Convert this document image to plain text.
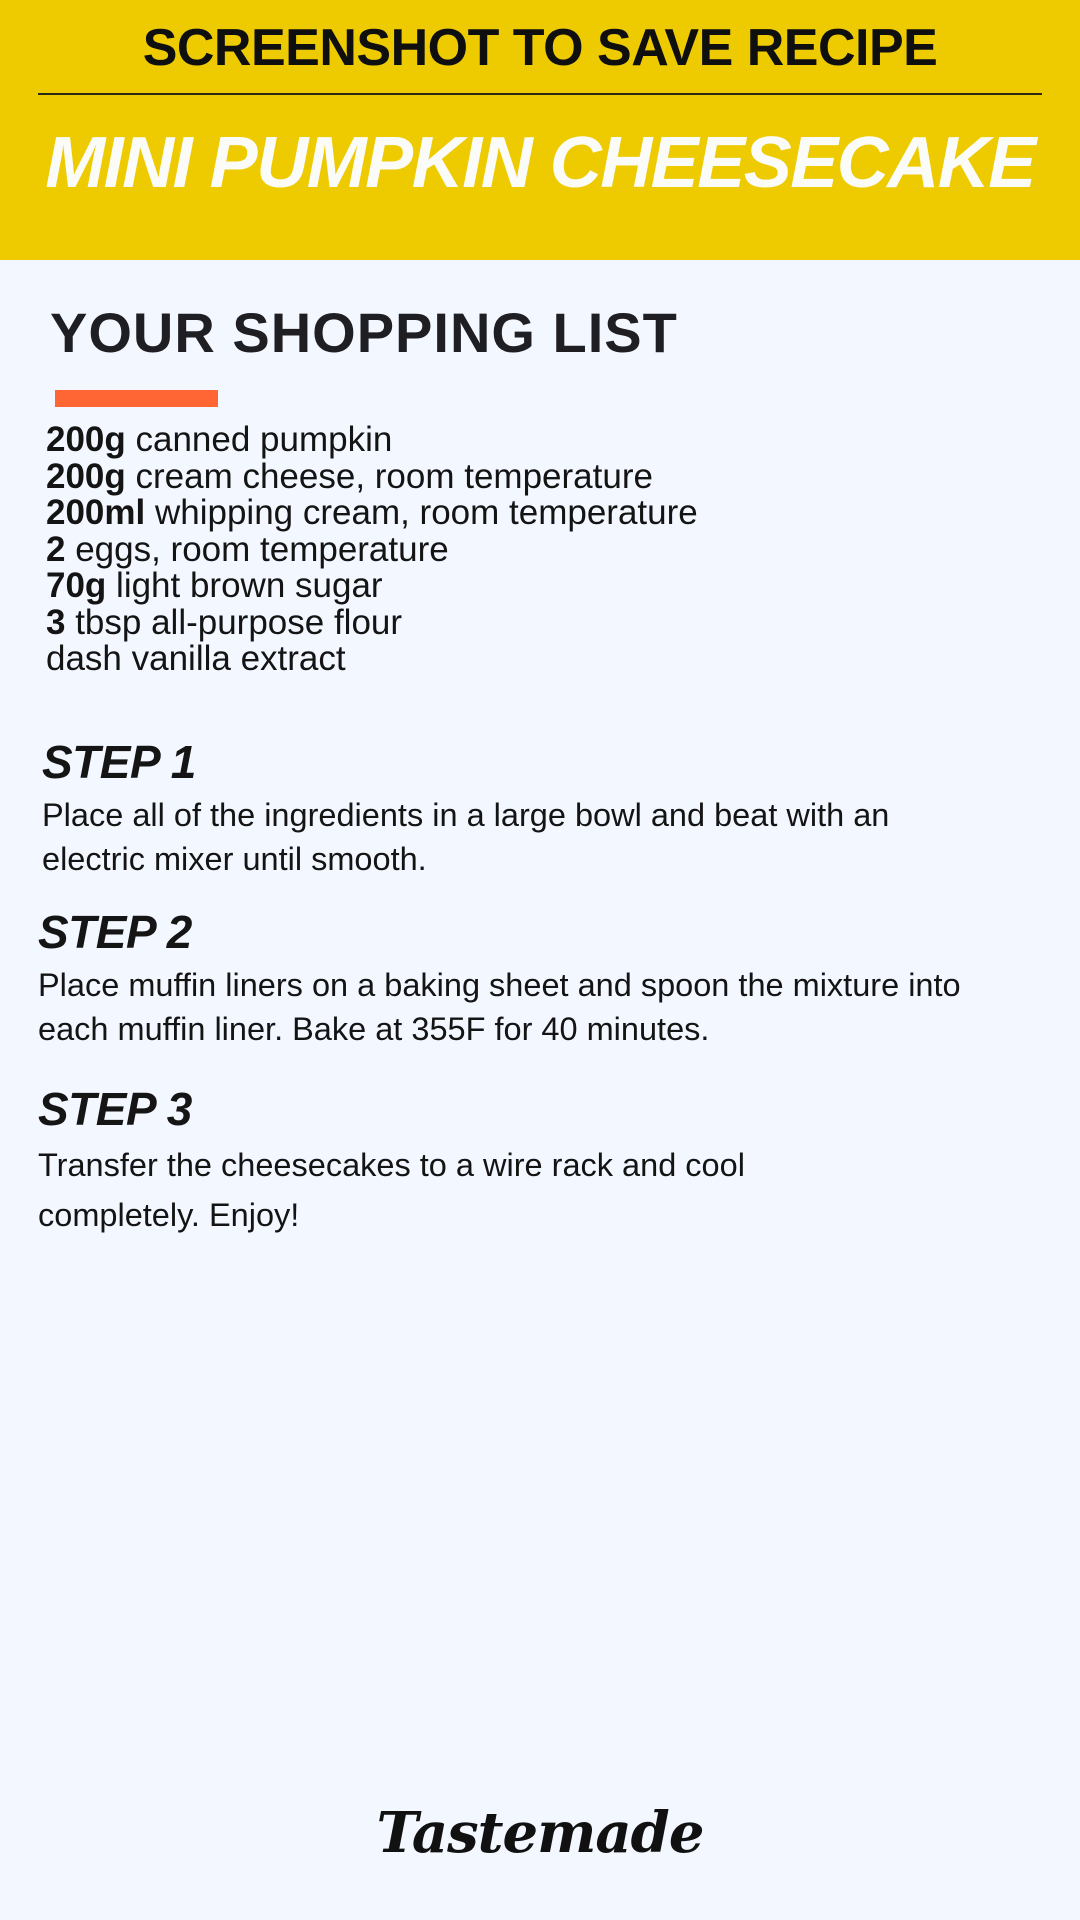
SCREENSHOT TO SAVE RECIPE
MINI PUMPKIN CHEESECAKE
YOUR SHOPPING LIST
200g canned pumpkin
200g cream cheese, room temperature
200ml whipping cream, room temperature
2 eggs, room temperature
70g light brown sugar
3 tbsp all-purpose flour
dash vanilla extract
STEP 1
Place all of the ingredients in a large bowl and beat with an electric mixer until smooth.
STEP 2
Place muffin liners on a baking sheet and spoon the mixture into each muffin liner. Bake at 355F for 40 minutes.
STEP 3
Transfer the cheesecakes to a wire rack and cool completely. Enjoy!
Tastemade
